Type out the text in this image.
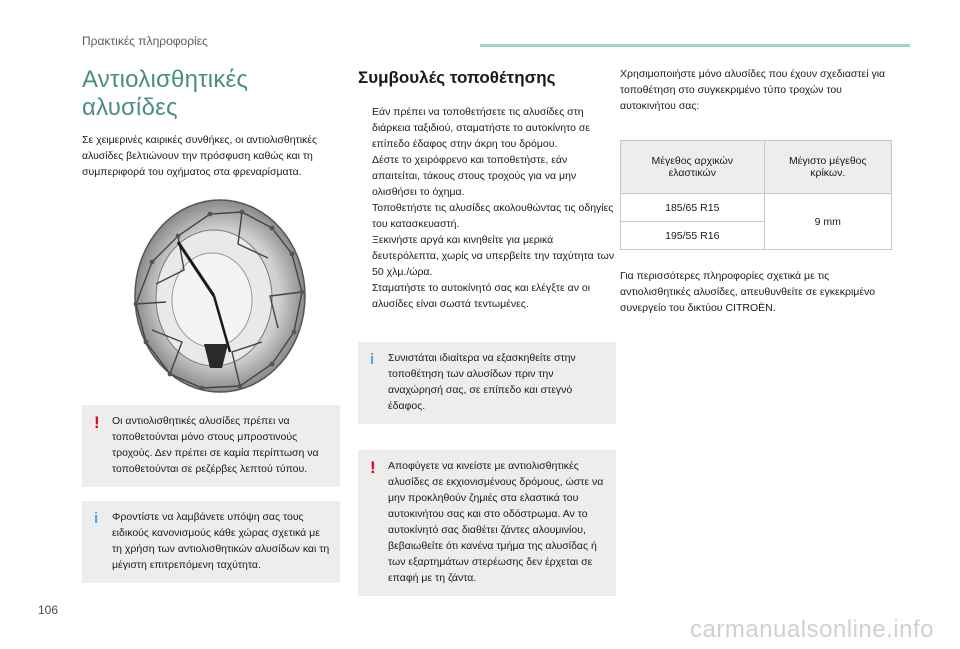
Πρακτικές πληροφορίες
Αντιολισθητικές αλυσίδες

Σε χειμερινές καιρικές συνθήκες, οι αντιολισθητικές αλυσίδες βελτιώνουν την πρόσφυση καθώς και τη συμπεριφορά του οχήματος στα φρεναρίσματα.

! Οι αντιολισθητικές αλυσίδες πρέπει να τοποθετούνται μόνο στους μπροστινούς τροχούς. Δεν πρέπει σε καμία περίπτωση να τοποθετούνται σε ρεζέρβες λεπτού τύπου.
i Φροντίστε να λαμβάνετε υπόψη σας τους ειδικούς κανονισμούς κάθε χώρας σχετικά με τη χρήση των αντιολισθητικών αλυσίδων και τη μέγιστη επιτρεπόμενη ταχύτητα.
Συμβουλές τοποθέτησης
Εάν πρέπει να τοποθετήσετε τις αλυσίδες στη διάρκεια ταξιδιού, σταματήστε το αυτοκίνητο σε επίπεδο έδαφος στην άκρη του δρόμου.
Δέστε το χειρόφρενο και τοποθετήστε, εάν απαιτείται, τάκους στους τροχούς για να μην ολισθήσει το όχημα.
Τοποθετήστε τις αλυσίδες ακολουθώντας τις οδηγίες του κατασκευαστή.
Ξεκινήστε αργά και κινηθείτε για μερικά δευτερόλεπτα, χωρίς να υπερβείτε την ταχύτητα των 50 χλμ./ώρα.
Σταματήστε το αυτοκίνητό σας και ελέγξτε αν οι αλυσίδες είναι σωστά τεντωμένες.
i Συνιστάται ιδιαίτερα να εξασκηθείτε στην τοποθέτηση των αλυσίδων πριν την αναχώρησή σας, σε επίπεδο και στεγνό έδαφος.
! Αποφύγετε να κινείστε με αντιολισθητικές αλυσίδες σε εκχιονισμένους δρόμους, ώστε να μην προκληθούν ζημιές στα ελαστικά του αυτοκινήτου σας και στο οδόστρωμα. Αν το αυτοκίνητό σας διαθέτει ζάντες αλουμινίου, βεβαιωθείτε ότι κανένα τμήμα της αλυσίδας ή των εξαρτημάτων στερέωσης δεν έρχεται σε επαφή με τη ζάντα.

Χρησιμοποιήστε μόνο αλυσίδες που έχουν σχεδιαστεί για τοποθέτηση στο συγκεκριμένο τύπο τροχών του αυτοκινήτου σας:

Μέγεθος αρχικών ελαστικών	Μέγιστο μέγεθος κρίκων.
185/65 R15	9 mm
195/55 R16	

Για περισσότερες πληροφορίες σχετικά με τις αντιολισθητικές αλυσίδες, απευθυνθείτε σε εγκεκριμένο συνεργείο του δικτύου CITROËN.

106
carmanualsonline.info
